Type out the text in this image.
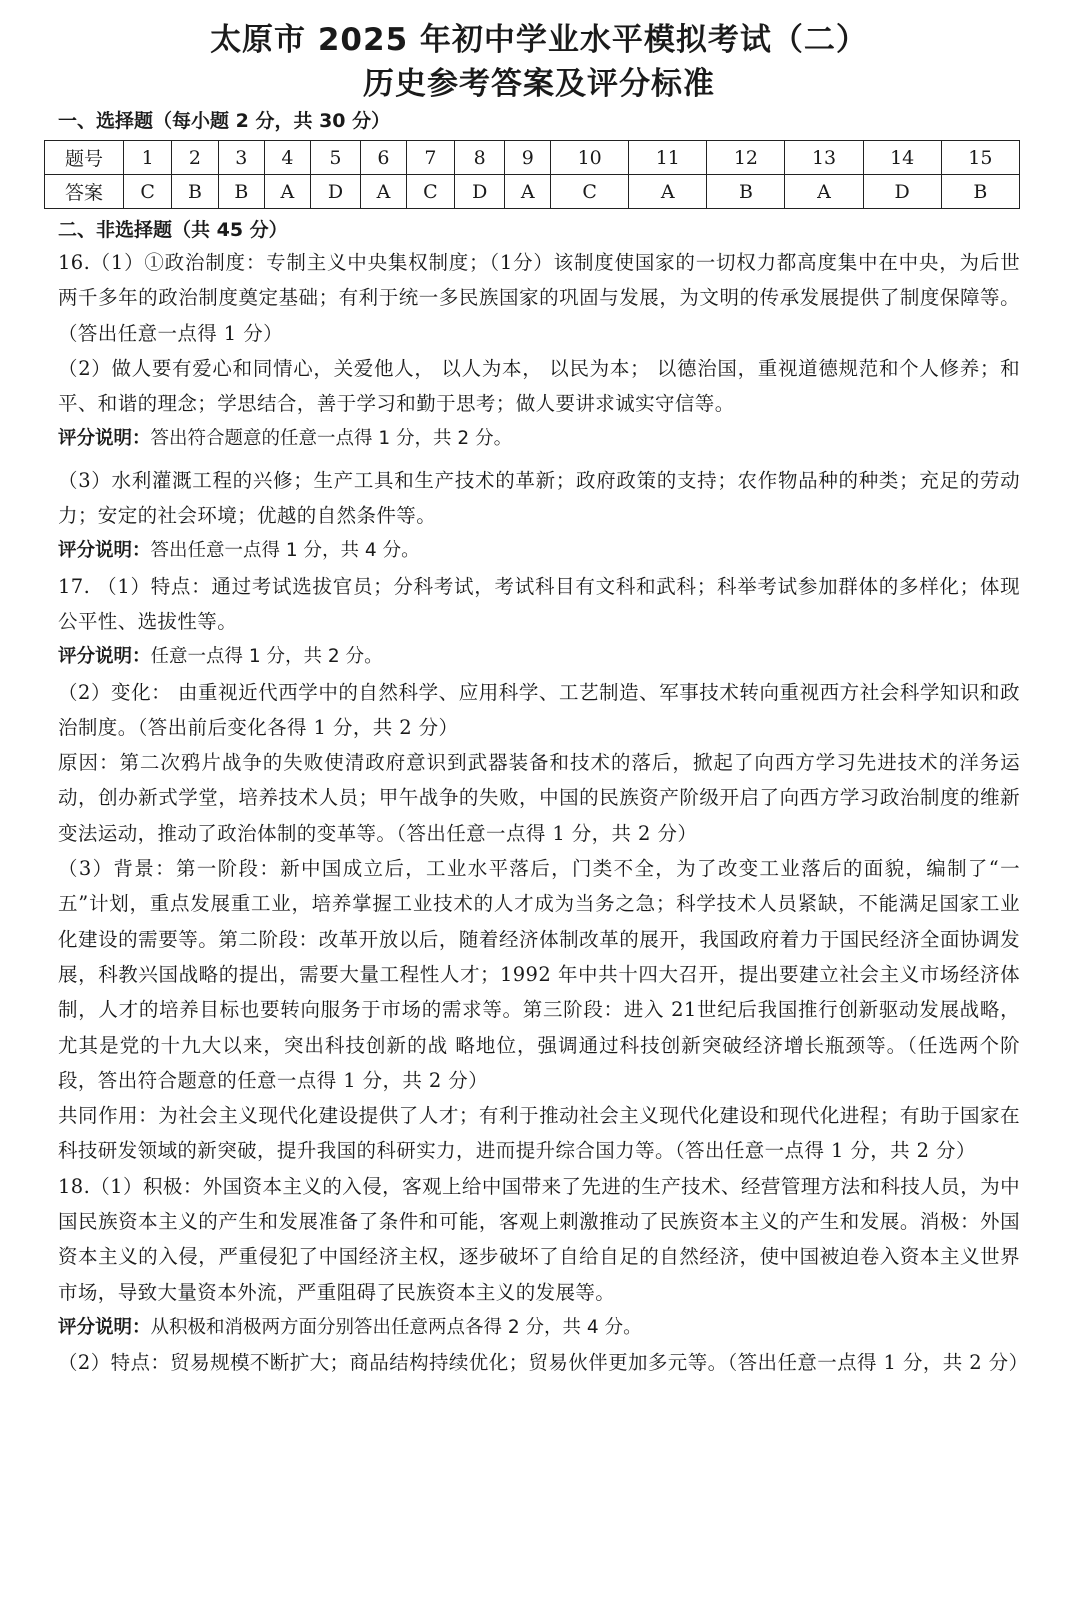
太原市 2025 年初中学业水平模拟考试（二）
历史参考答案及评分标准

一、选择题（每小题 2 分，共 30 分）

题号	1	2	3	4	5	6	7	8	9	10	11	12	13	14	15
答案	C	B	B	A	D	A	C	D	A	C	A	B	A	D	B

二、非选择题（共 45 分）

16.（1）①政治制度：专制主义中央集权制度；（1分）该制度使国家的一切权力都高度集中在中央，为后世两千多年的政治制度奠定基础；有利于统一多民族国家的巩固与发展，为文明的传承发展提供了制度保障等。（答出任意一点得 1 分）

（2）做人要有爱心和同情心，关爱他人， 以人为本， 以民为本； 以德治国，重视道德规范和个人修养；和平、和谐的理念；学思结合，善于学习和勤于思考；做人要讲求诚实守信等。

评分说明：答出符合题意的任意一点得 1 分，共 2 分。

（3）水利灌溉工程的兴修；生产工具和生产技术的革新；政府政策的支持；农作物品种的种类；充足的劳动力；安定的社会环境；优越的自然条件等。

评分说明：答出任意一点得 1 分，共 4 分。

17. （1）特点：通过考试选拔官员；分科考试，考试科目有文科和武科；科举考试参加群体的多样化；体现公平性、选拔性等。

评分说明：任意一点得 1 分，共 2 分。

（2）变化： 由重视近代西学中的自然科学、应用科学、工艺制造、军事技术转向重视西方社会科学知识和政治制度。（答出前后变化各得 1 分，共 2 分）

原因：第二次鸦片战争的失败使清政府意识到武器装备和技术的落后，掀起了向西方学习先进技术的洋务运动，创办新式学堂，培养技术人员；甲午战争的失败，中国的民族资产阶级开启了向西方学习政治制度的维新变法运动，推动了政治体制的变革等。（答出任意一点得 1 分，共 2 分）

（3）背景：第一阶段：新中国成立后，工业水平落后，门类不全，为了改变工业落后的面貌，编制了“一五”计划，重点发展重工业，培养掌握工业技术的人才成为当务之急；科学技术人员紧缺，不能满足国家工业化建设的需要等。第二阶段：改革开放以后，随着经济体制改革的展开，我国政府着力于国民经济全面协调发展，科教兴国战略的提出，需要大量工程性人才；1992 年中共十四大召开，提出要建立社会主义市场经济体制，人才的培养目标也要转向服务于市场的需求等。第三阶段：进入 21世纪后我国推行创新驱动发展战略，尤其是党的十九大以来，突出科技创新的战 略地位，强调通过科技创新突破经济增长瓶颈等。（任选两个阶段，答出符合题意的任意一点得 1 分，共 2 分）

共同作用：为社会主义现代化建设提供了人才；有利于推动社会主义现代化建设和现代化进程；有助于国家在科技研发领域的新突破，提升我国的科研实力，进而提升综合国力等。（答出任意一点得 1 分，共 2 分）

18.（1）积极：外国资本主义的入侵，客观上给中国带来了先进的生产技术、经营管理方法和科技人员，为中国民族资本主义的产生和发展准备了条件和可能，客观上刺激推动了民族资本主义的产生和发展。消极：外国资本主义的入侵，严重侵犯了中国经济主权，逐步破坏了自给自足的自然经济，使中国被迫卷入资本主义世界市场，导致大量资本外流，严重阻碍了民族资本主义的发展等。

评分说明：从积极和消极两方面分别答出任意两点各得 2 分，共 4 分。

（2）特点：贸易规模不断扩大；商品结构持续优化；贸易伙伴更加多元等。（答出任意一点得 1 分，共 2 分）
